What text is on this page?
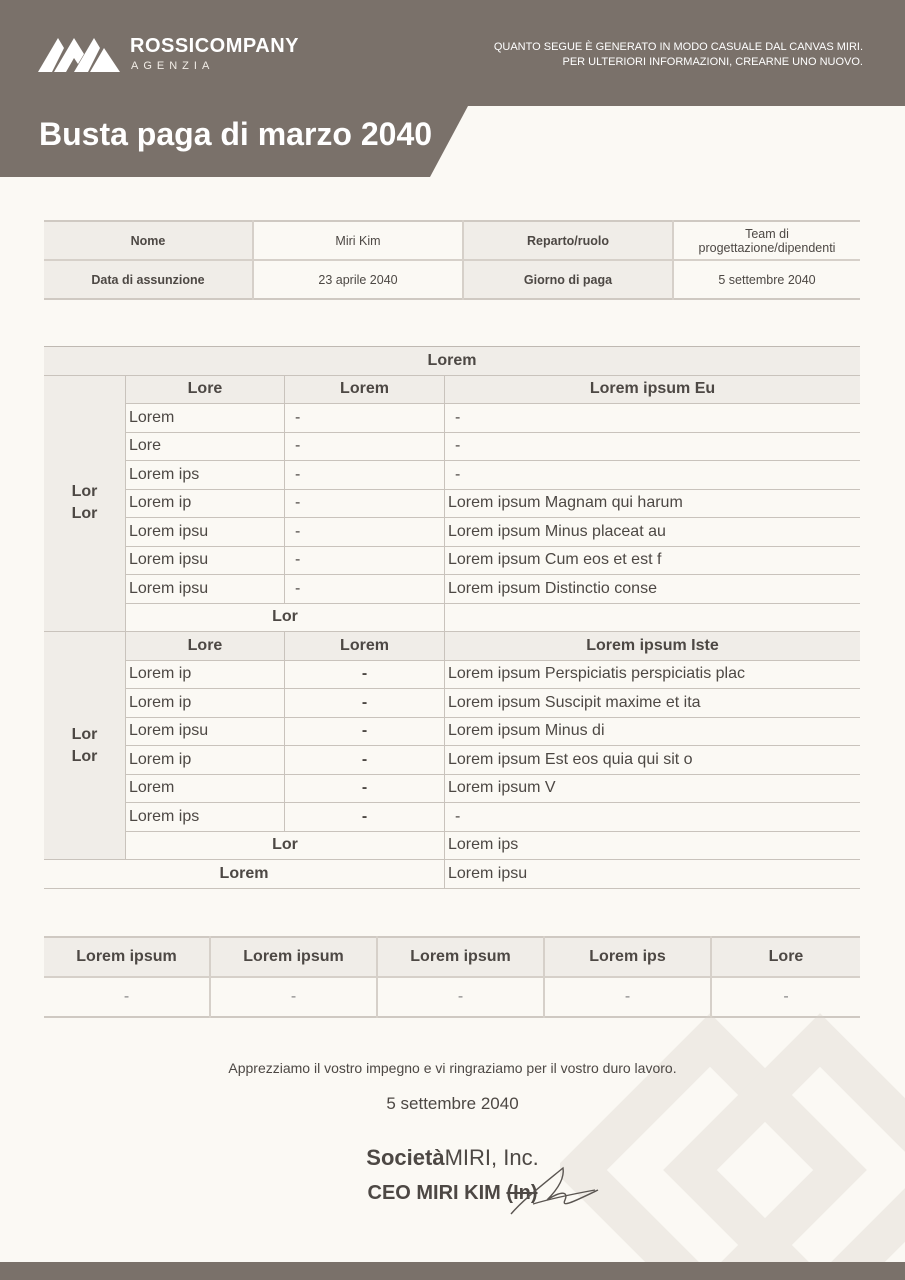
ROSSICOMPANY
AGENZIA
QUANTO SEGUE È GENERATO IN MODO CASUALE DAL CANVAS MIRI.
PER ULTERIORI INFORMAZIONI, CREARNE UNO NUOVO.
Busta paga di marzo 2040
Nome	Miri Kim	Reparto/ruolo	Team di progettazione/dipendenti
Data di assunzione	23 aprile 2040	Giorno di paga	5 settembre 2040
Lorem			
Lor Lor	Lore	Lorem	Lorem ipsum Eu
	Lorem	-	-
	Lore	-	-
	Lorem ips	-	-
	Lorem ip	-	Lorem ipsum Magnam qui harum
	Lorem ipsu	-	Lorem ipsum Minus placeat au
	Lorem ipsu	-	Lorem ipsum Cum eos et est f
	Lorem ipsu	-	Lorem ipsum Distinctio conse
	Lor		
Lor Lor	Lore	Lorem	Lorem ipsum Iste
	Lorem ip	-	Lorem ipsum Perspiciatis perspiciatis plac
	Lorem ip	-	Lorem ipsum Suscipit maxime et ita
	Lorem ipsu	-	Lorem ipsum Minus di
	Lorem ip	-	Lorem ipsum Est eos quia qui sit o
	Lorem	-	Lorem ipsum V
	Lorem ips	-	-
	Lor		Lorem ips
Lorem			Lorem ipsu
Lorem ipsum	Lorem ipsum	Lorem ipsum	Lorem ips	Lore
-	-	-	-	-
Apprezziamo il vostro impegno e vi ringraziamo per il vostro duro lavoro.
5 settembre 2040
SocietàMIRI, Inc.
CEO MIRI KIM (In)
